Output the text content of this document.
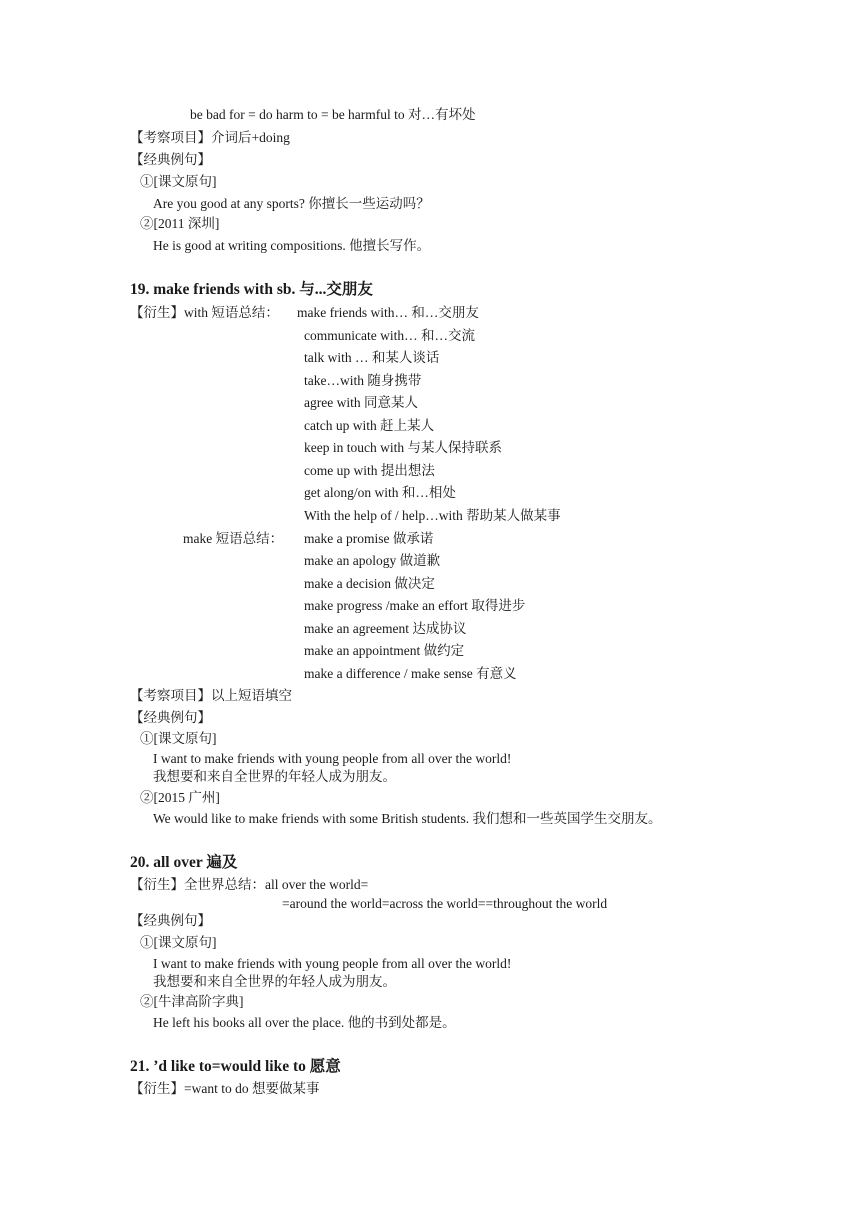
be bad for = do harm to = be harmful to 对…有坏处
【考察项目】介词后+doing
【经典例句】
①[课文原句]
Are you good at any sports? 你擅长一些运动吗？
②[2011 深圳]
He is good at writing compositions. 他擅长写作。
19. make friends with sb. 与...交朋友
【衍生】with 短语总结： make friends with… 和…交朋友
communicate with… 和…交流
talk with … 和某人谈话
take…with 随身携带
agree with 同意某人
catch up with 赶上某人
keep in touch with 与某人保持联系
come up with 提出想法
get along/on with 和…相处
With the help of / help…with 帮助某人做某事
make 短语总结： make a promise 做承诺
make an apology 做道歉
make a decision 做决定
make progress /make an effort 取得进步
make an agreement 达成协议
make an appointment 做约定
make a difference / make sense 有意义
【考察项目】以上短语填空
【经典例句】
①[课文原句]
I want to make friends with young people from all over the world!
我想要和来自全世界的年轻人成为朋友。
②[2015 广州]
We would like to make friends with some British students. 我们想和一些英国学生交朋友。
20. all over 遍及
【衍生】全世界总结：all over the world=
=around the world=across the world==throughout the world
【经典例句】
①[课文原句]
I want to make friends with young people from all over the world!
我想要和来自全世界的年轻人成为朋友。
②[牛津高阶字典]
He left his books all over the place. 他的书到处都是。
21. ’d like to=would like to 愿意
【衍生】=want to do 想要做某事
